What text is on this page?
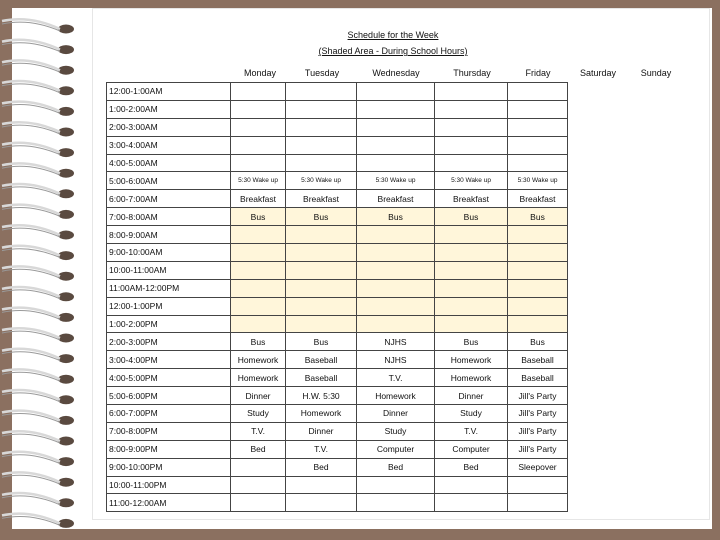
Schedule for the Week
(Shaded Area - During School Hours)
Monday	Tuesday	Wednesday	Thursday	Friday	Saturday	Sunday
12:00-1:00AM					
1:00-2:00AM					
2:00-3:00AM					
3:00-4:00AM					
4:00-5:00AM					
5:00-6:00AM	5:30 Wake up	5:30 Wake up	5:30 Wake up	5:30 Wake up	5:30 Wake up
6:00-7:00AM	Breakfast	Breakfast	Breakfast	Breakfast	Breakfast
7:00-8:00AM	Bus	Bus	Bus	Bus	Bus
8:00-9:00AM					
9:00-10:00AM					
10:00-11:00AM					
11:00AM-12:00PM					
12:00-1:00PM					
1:00-2:00PM					
2:00-3:00PM	Bus	Bus	NJHS	Bus	Bus
3:00-4:00PM	Homework	Baseball	NJHS	Homework	Baseball
4:00-5:00PM	Homework	Baseball	T.V.	Homework	Baseball
5:00-6:00PM	Dinner	H.W. 5:30	Homework	Dinner	Jill's Party
6:00-7:00PM	Study	Homework	Dinner	Study	Jill's Party
7:00-8:00PM	T.V.	Dinner	Study	T.V.	Jill's Party
8:00-9:00PM	Bed	T.V.	Computer	Computer	Jill's Party
9:00-10:00PM		Bed	Bed	Bed	Sleepover
10:00-11:00PM					
11:00-12:00AM					
